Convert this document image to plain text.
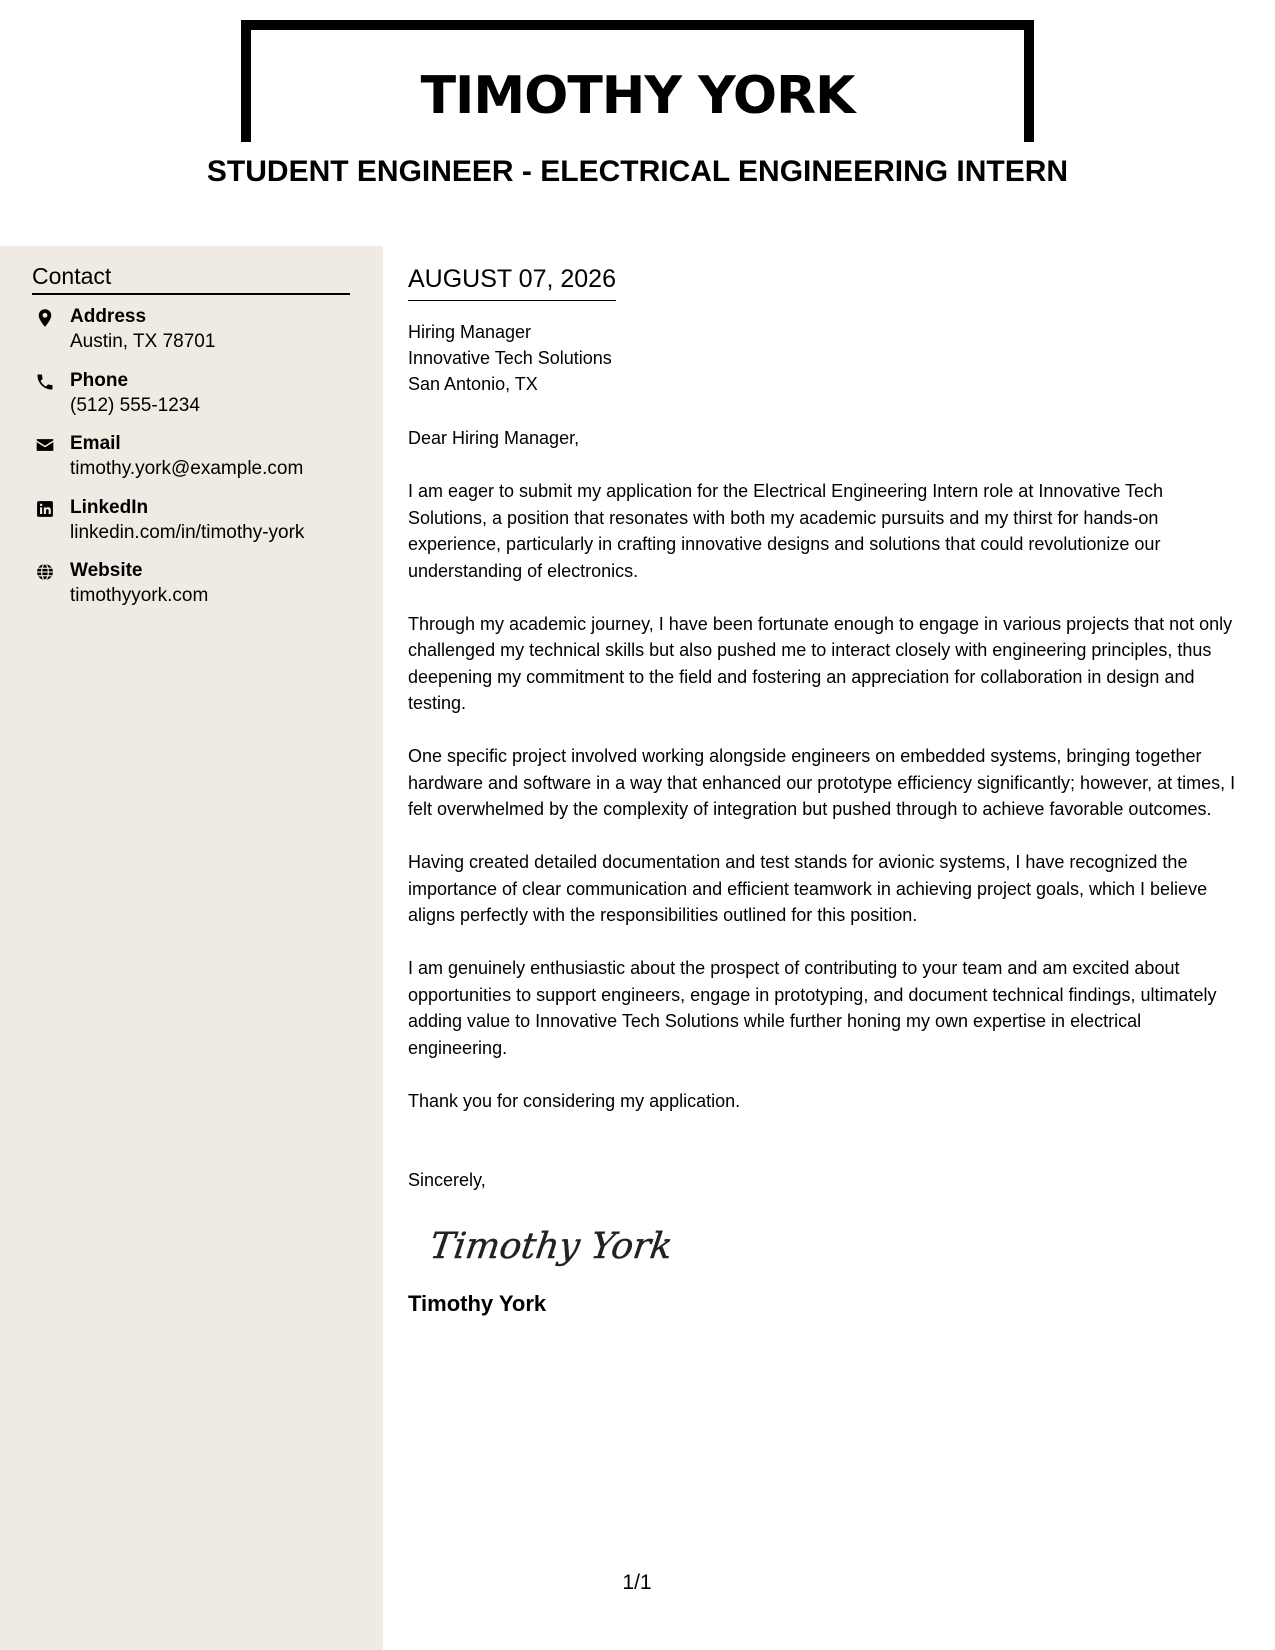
TIMOTHY YORK
STUDENT ENGINEER - ELECTRICAL ENGINEERING INTERN
Contact
Address
Austin, TX 78701
Phone
(512) 555-1234
Email
timothy.york@example.com
LinkedIn
linkedin.com/in/timothy-york
Website
timothyyork.com
AUGUST 07, 2026
Hiring Manager
Innovative Tech Solutions
San Antonio, TX
Dear Hiring Manager,

I am eager to submit my application for the Electrical Engineering Intern role at Innovative Tech Solutions, a position that resonates with both my academic pursuits and my thirst for hands-on experience, particularly in crafting innovative designs and solutions that could revolutionize our understanding of electronics.

Through my academic journey, I have been fortunate enough to engage in various projects that not only challenged my technical skills but also pushed me to interact closely with engineering principles, thus deepening my commitment to the field and fostering an appreciation for collaboration in design and testing.

One specific project involved working alongside engineers on embedded systems, bringing together hardware and software in a way that enhanced our prototype efficiency significantly; however, at times, I felt overwhelmed by the complexity of integration but pushed through to achieve favorable outcomes.

Having created detailed documentation and test stands for avionic systems, I have recognized the importance of clear communication and efficient teamwork in achieving project goals, which I believe aligns perfectly with the responsibilities outlined for this position.

I am genuinely enthusiastic about the prospect of contributing to your team and am excited about opportunities to support engineers, engage in prototyping, and document technical findings, ultimately adding value to Innovative Tech Solutions while further honing my own expertise in electrical engineering.

Thank you for considering my application.

Sincerely,
Timothy York
Timothy York
1/1
